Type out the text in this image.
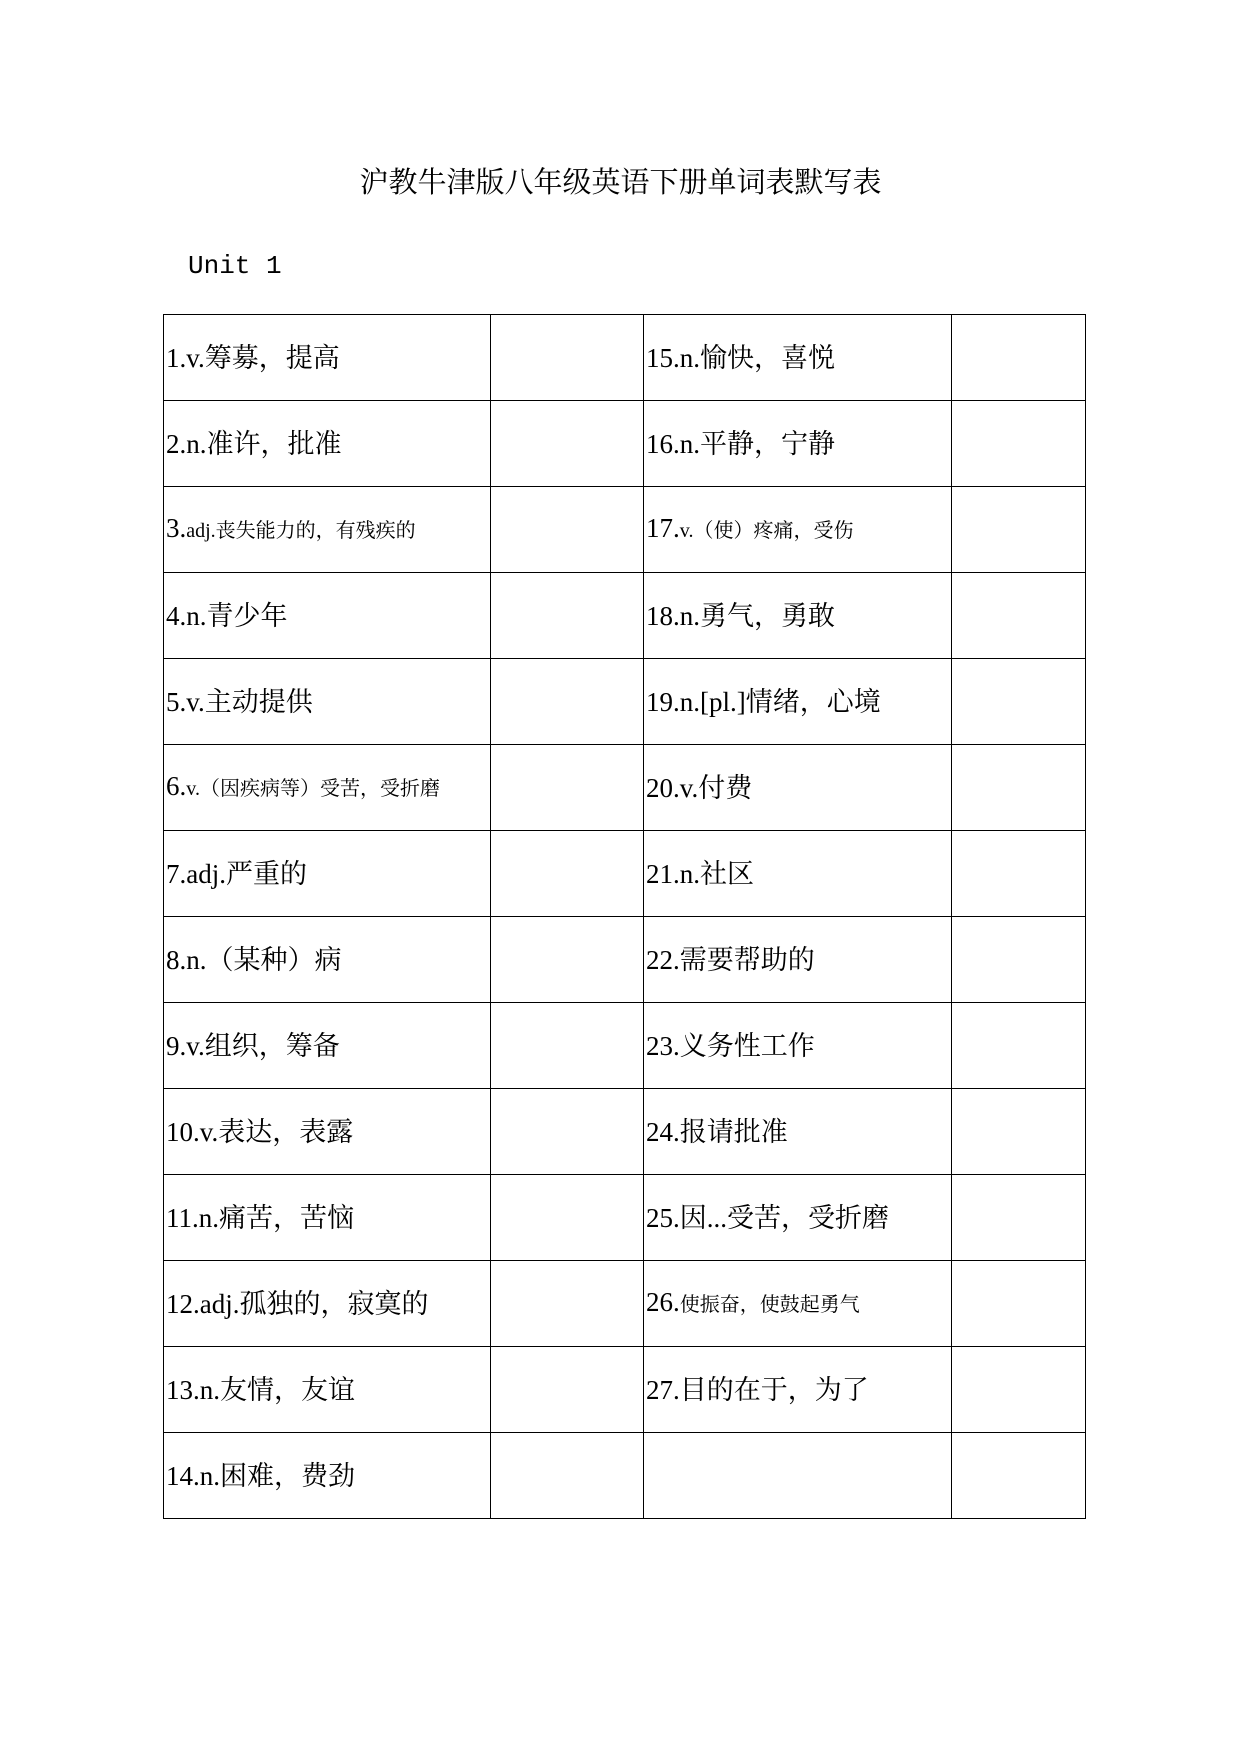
沪教牛津版八年级英语下册单词表默写表
Unit 1
1.v.筹募，提高		15.n.愉快，喜悦	
2.n.准许，批准		16.n.平静，宁静	
3.adj.丧失能力的，有残疾的		17.v.（使）疼痛，受伤	
4.n.青少年		18.n.勇气，勇敢	
5.v.主动提供		19.n.[pl.]情绪，心境	
6.v.（因疾病等）受苦，受折磨		20.v.付费	
7.adj.严重的		21.n.社区	
8.n.（某种）病		22.需要帮助的	
9.v.组织，筹备		23.义务性工作	
10.v.表达，表露		24.报请批准	
11.n.痛苦，苦恼		25.因...受苦，受折磨	
12.adj.孤独的，寂寞的		26.使振奋，使鼓起勇气	
13.n.友情，友谊		27.目的在于，为了	
14.n.困难，费劲			
